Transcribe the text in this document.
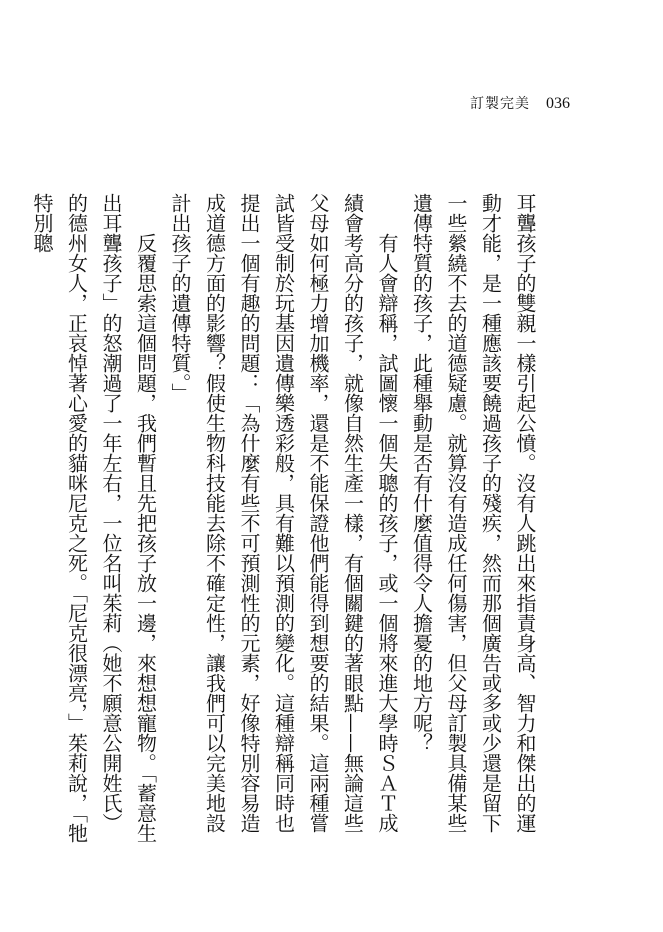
訂製完美 036

耳聾孩子的雙親一樣引起公憤。沒有人跳出來指責身高、智力和傑出的運動才能，是一種應該要饒過孩子的殘疾，然而那個廣告或多或少還是留下一些縈繞不去的道德疑慮。就算沒有造成任何傷害，但父母訂製具備某些遺傳特質的孩子，此種舉動是否有什麼值得令人擔憂的地方呢？

有人會辯稱，試圖懷一個失聰的孩子，或一個將來進大學時ＳＡＴ成績會考高分的孩子，就像自然生產一樣，有個關鍵的著眼點——無論這些父母如何極力增加機率，還是不能保證他們能得到想要的結果。這兩種嘗試皆受制於玩基因遺傳樂透彩般，具有難以預測的變化。這種辯稱同時也提出一個有趣的問題：「為什麼有些不可預測性的元素，好像特別容易造成道德方面的影響？假使生物科技能去除不確定性，讓我們可以完美地設計出孩子的遺傳特質。」

反覆思索這個問題，我們暫且先把孩子放一邊，來想想寵物。「蓄意生出耳聾孩子」的怒潮過了一年左右，一位名叫茱莉（她不願意公開姓氏）的德州女人，正哀悼著心愛的貓咪尼克之死。「尼克很漂亮，」茱莉說，「牠特別聰
